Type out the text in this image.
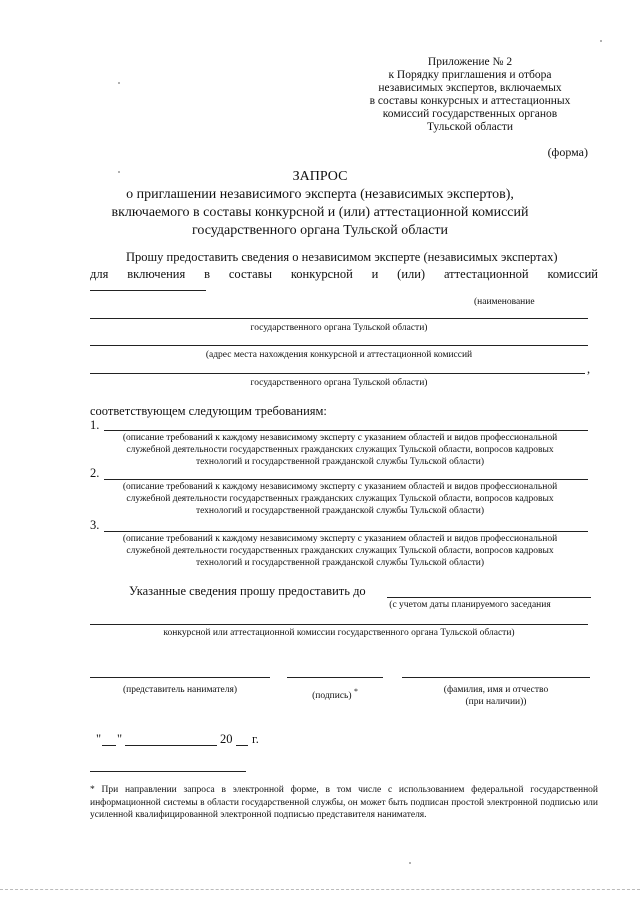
Приложение № 2
к Порядку приглашения и отбора
независимых экспертов, включаемых
в составы конкурсных и аттестационных
комиссий государственных органов
Тульской области
(форма)
ЗАПРОС
о приглашении независимого эксперта (независимых экспертов),
включаемого в составы конкурсной и (или) аттестационной комиссий
государственного органа Тульской области
Прошу предоставить сведения о независимом эксперте (независимых экспертах)
для включения в составы конкурсной и (или) аттестационной комиссий
(наименование
государственного органа Тульской области)
(адрес места нахождения конкурсной и аттестационной комиссий
,
государственного органа Тульской области)
соответствующем следующим требованиям:
1.
(описание требований к каждому независимому эксперту с указанием областей и видов профессиональной
служебной деятельности государственных гражданских служащих Тульской области, вопросов кадровых
технологий и государственной гражданской службы Тульской области)
2.
(описание требований к каждому независимому эксперту с указанием областей и видов профессиональной
служебной деятельности государственных гражданских служащих Тульской области, вопросов кадровых
технологий и государственной гражданской службы Тульской области)
3.
(описание требований к каждому независимому эксперту с указанием областей и видов профессиональной
служебной деятельности государственных гражданских служащих Тульской области, вопросов кадровых
технологий и государственной гражданской службы Тульской области)
Указанные сведения прошу предоставить до
(с учетом даты планируемого заседания
конкурсной или аттестационной комиссии государственного органа Тульской области)
(представитель нанимателя)
(подпись) *	(фамилия, имя и отчество
(при наличии))
" "	20 г.
* При направлении запроса в электронной форме, в том числе с использованием федеральной государственной информационной системы в области государственной службы, он может быть подписан простой электронной подписью или усиленной квалифицированной электронной подписью представителя нанимателя.
